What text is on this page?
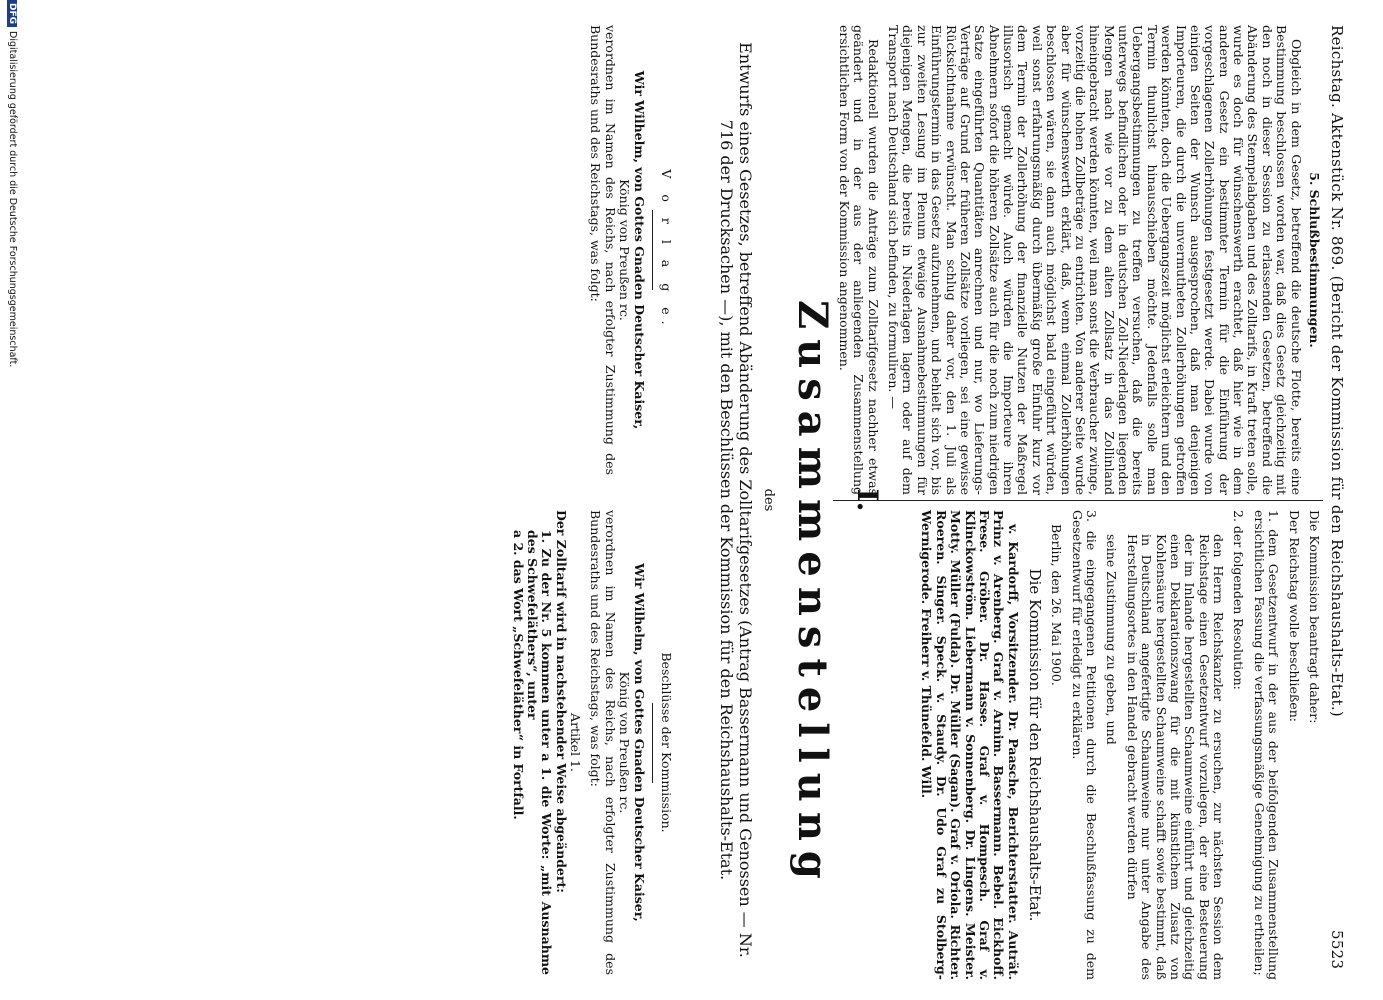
Reichstag. Aktenstück Nr. 869. (Bericht der Kommission für den Reichshaushalts-Etat.)
5523
5. Schlußbestimmungen.

Obgleich in dem Gesetz, betreffend die deutsche Flotte, bereits eine Bestimmung beschlossen worden war, daß dies Gesetz gleichzeitig mit den noch in dieser Session zu erlassenden Gesetzen, betreffend die Abänderung des Stempelabgaben und des Zolltarifs, in Kraft treten solle, wurde es doch für wünschenswerth erachtet, daß hier wie in dem anderen Gesetz ein bestimmter Termin für die Einführung der vorgeschlagenen Zollerhöhungen festgesetzt werde. Dabei wurde von einigen Seiten der Wunsch ausgesprochen, daß man denjenigen Importeuren, die durch die unvermutheten Zollerhöhungen getroffen werden könnten, doch die Uebergangszeit möglichst erleichtern und den Termin thunlichst hinausschieben möchte. Jedenfalls solle man Uebergangsbestimmungen zu treffen versuchen, daß die bereits unterwegs befindlichen oder in deutschen Zoll-Niederlagen liegenden Mengen nach wie vor zu dem alten Zollsatz in das Zollinland hineingebracht werden könnten, weil man sonst die Verbraucher zwinge, vorzeitig die hohen Zollbeträge zu entrichten. Von anderer Seite wurde aber für wünschenswerth erklärt, daß, wenn einmal Zollerhöhungen beschlossen wären, sie dann auch möglichst bald eingeführt würden, weil sonst erfahrungsmäßig durch übermäßig große Einfuhr kurz vor dem Termin der Zollerhöhung der finanzielle Nutzen der Maßregel illusorisch gemacht würde. Auch würden die Importeure ihren Abnehmern sofort die höheren Zollsätze auch für die noch zum niedrigen Satze eingeführten Quantitäten anrechnen und nur, wo Lieferungs-Verträge auf Grund der früheren Zollsätze vorliegen, sei eine gewisse Rücksichtnahme erwünscht. Man schlug daher vor, den 1. Juli als Einführungstermin in das Gesetz aufzunehmen, und behielt sich vor, bis zur zweiten Lesung im Plenum etwaige Ausnahmebestimmungen für diejenigen Mengen, die bereits in Niederlagen lagern oder auf dem Transport nach Deutschland sich befinden, zu formuliren. —

Redaktionell wurden die Anträge zum Zolltarifgesetz nachher etwas geändert und in der aus der anliegenden Zusammenstellung ersichtlichen Form von der Kommission angenommen.

Die Kommission beantragt daher:

Der Reichstag wolle beschließen:

1. dem Gesetzentwurf in der aus der beifolgenden Zusammenstellung ersichtlichen Fassung die verfassungsmäßige Genehmigung zu ertheilen;

2. der folgenden Resolution:

den Herrn Reichskanzler zu ersuchen, zur nächsten Session dem Reichstage einen Gesetzentwurf vorzulegen, der eine Besteuerung der im Inlande hergestellten Schaumweine einführt und gleichzeitig einen Deklarationszwang für die mit künstlichem Zusatz von Kohlensäure hergestellten Schaumweine schafft sowie bestimmt, daß in Deutschland angefertigte Schaumweine nur unter Angabe des Herstellungsortes in den Handel gebracht werden dürfen

seine Zustimmung zu geben, und

3. die eingegangenen Petitionen durch die Beschlußfassung zu dem Gesetzentwurf für erledigt zu erklären.

Berlin, den 26. Mai 1900.

Die Kommission für den Reichshaushalts-Etat.

v. Kardorff, Vorsitzender. Dr. Paasche, Berichterstatter. Auträt. Prinz v. Arenberg. Graf v. Arnim. Bassermann. Bebel. Eickhoff. Frese. Gröber. Dr. Hasse. Graf v. Hompesch. Graf v. Klinckowström. Liebermann v. Sonnenberg. Dr. Lingens. Meister. Motty. Müller (Fulda). Dr. Müller (Sagan). Graf v. Oriola. Richter. Roeren. Singer. Speck. v. Staudy. Dr. Udo Graf zu Stolberg-Wernigerode. Freiherr v. Thünefeld. Will.

I.
Zusammenstellung
des
Entwurfs eines Gesetzes, betreffend Abänderung des Zolltarifgesetzes (Antrag Bassermann und Genossen — Nr. 716 der Drucksachen —), mit den Beschlüssen der Kommission für den Reichshaushalts-Etat.
V o r l a g e.
Wir Wilhelm, von Gottes Gnaden Deutscher Kaiser,
König von Preußen rc.
verordnen im Namen des Reichs, nach erfolgter Zustimmung des Bundesraths und des Reichstags, was folgt:
Beschlüsse der Kommission.
Wir Wilhelm, von Gottes Gnaden Deutscher Kaiser,
König von Preußen rc.
verordnen im Namen des Reichs, nach erfolgter Zustimmung des Bundesraths und des Reichstags, was folgt:
Artikel 1.
Der Zolltarif wird in nachstehender Weise abgeändert:
1. Zu der Nr. 5 kommen unter a 1. die Worte: „mit Ausnahme des Schwefeläthers“, unter
a 2. das Wort „Schwefeläther“ in Fortfall.
DFGDigitalisierung gefördert durch die Deutsche Forschungsgemeinschaft.
